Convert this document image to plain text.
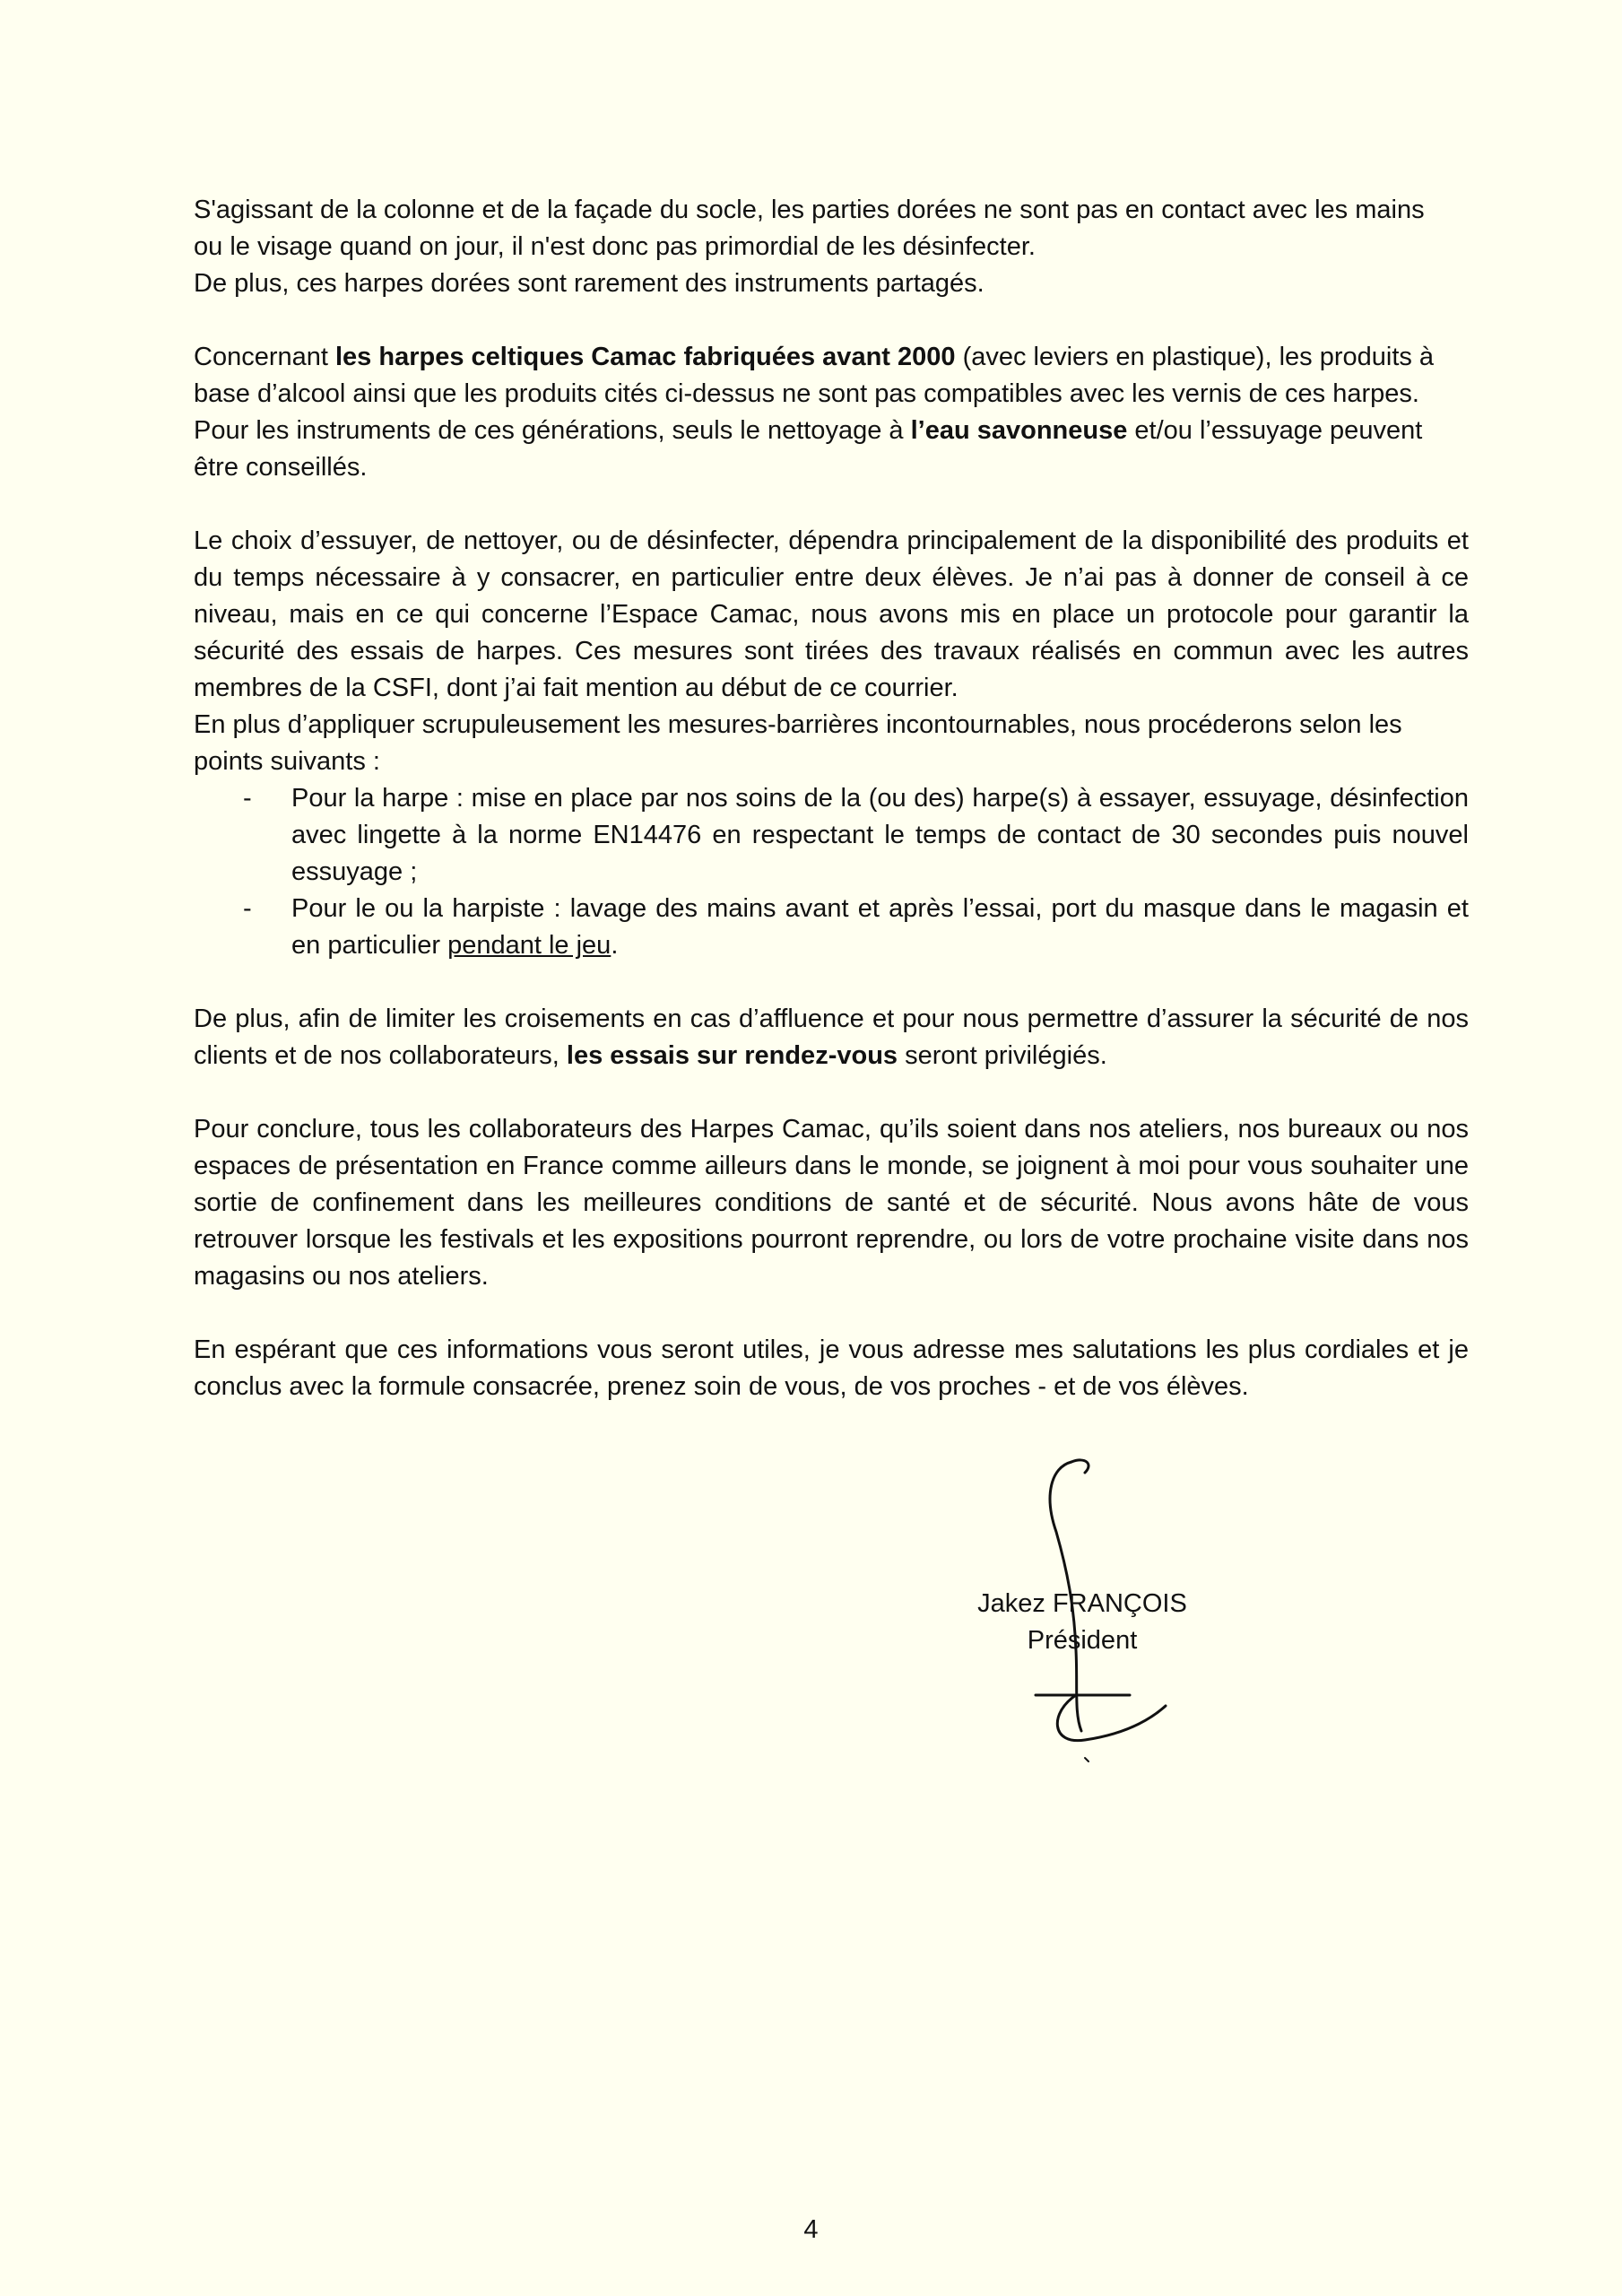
S'agissant de la colonne et de la façade du socle, les parties dorées ne sont pas en contact avec les mains
ou le visage quand on jour, il n'est donc pas primordial de les désinfecter.
De plus, ces harpes dorées sont rarement des instruments partagés.

Concernant les harpes celtiques Camac fabriquées avant 2000 (avec leviers en plastique), les produits à base d’alcool ainsi que les produits cités ci-dessus ne sont pas compatibles avec les vernis de ces harpes. Pour les instruments de ces générations, seuls le nettoyage à l’eau savonneuse et/ou l’essuyage peuvent être conseillés.

Le choix d’essuyer, de nettoyer, ou de désinfecter, dépendra principalement de la disponibilité des produits et du temps nécessaire à y consacrer, en particulier entre deux élèves. Je n’ai pas à donner de conseil à ce niveau, mais en ce qui concerne l’Espace Camac, nous avons mis en place un protocole pour garantir la sécurité des essais de harpes. Ces mesures sont tirées des travaux réalisés en commun avec les autres membres de la CSFI, dont j’ai fait mention au début de ce courrier.

En plus d’appliquer scrupuleusement les mesures-barrières incontournables, nous procéderons selon les points suivants :

- Pour la harpe : mise en place par nos soins de la (ou des) harpe(s) à essayer, essuyage, désinfection avec lingette à la norme EN14476 en respectant le temps de contact de 30 secondes puis nouvel essuyage ;
- Pour le ou la harpiste : lavage des mains avant et après l’essai, port du masque dans le magasin et en particulier pendant le jeu.

De plus, afin de limiter les croisements en cas d’affluence et pour nous permettre d’assurer la sécurité de nos clients et de nos collaborateurs, les essais sur rendez-vous seront privilégiés.

Pour conclure, tous les collaborateurs des Harpes Camac, qu’ils soient dans nos ateliers, nos bureaux ou nos espaces de présentation en France comme ailleurs dans le monde, se joignent à moi pour vous souhaiter une sortie de confinement dans les meilleures conditions de santé et de sécurité. Nous avons hâte de vous retrouver lorsque les festivals et les expositions pourront reprendre, ou lors de votre prochaine visite dans nos magasins ou nos ateliers.

En espérant que ces informations vous seront utiles, je vous adresse mes salutations les plus cordiales et je conclus avec la formule consacrée, prenez soin de vous, de vos proches - et de vos élèves.

Jakez FRANÇOIS
Président
4
